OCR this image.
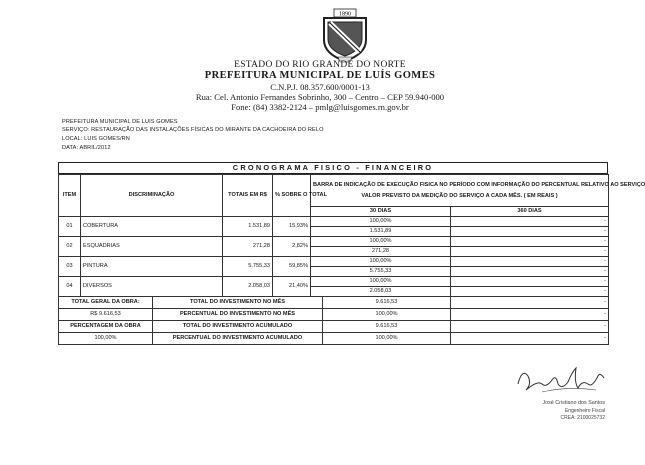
1890
ESTADO DO RIO GRANDE DO NORTE
PREFEITURA MUNICIPAL DE LUÍS GOMES
C.N.P.J. 08.357.600/0001-13
Rua: Cel. Antonio Fernandes Sobrinho, 300 – Centro – CEP 59.940-000
Fone: (84) 3382-2124 – pmlg@luisgomes.rn.gov.br
PREFEITURA MUNICIPAL DE LUIS GOMES
SERVIÇO: RESTAURAÇÃO DAS INSTALAÇÕES FÍSICAS DO MIRANTE DA CACHOEIRA DO RELO
LOCAL: LUIS GOMES/RN
DATA: ABRIL/2012
CRONOGRAMA FISICO - FINANCEIRO
ITEM	DISCRIMINAÇÃO	TOTAIS EM R$	% SOBRE O TOTAL	BARRA DE INDICAÇÃO DE EXECUÇÃO FISICA NO PERÍODO COM INFORMAÇÃO DO PERCENTUAL RELATIVO AO SERVIÇO
VALOR PREVISTO DA MEDIÇÃO DO SERVIÇO A CADA MÊS. ( EM REAIS )	

				30 DIAS	360 DIAS
01	COBERTURA	1.531,89	15,93%	100,00%	-
				1.531,89	-
02	ESQUADRIAS	271,28	2,82%	100,00%	-
				271,28	-
03	PINTURA	5.755,33	59,85%	100,00%	-
				5.755,33	-
04	DIVERSOS	2.058,03	21,40%	100,00%	-
				2.058,03	-
TOTAL GERAL DA OBRA:	TOTAL DO INVESTIMENTO NO MÊS	9.616,53	-
R$ 9.616,53	PERCENTUAL DO INVESTIMENTO NO MÊS	100,00%	-
PERCENTAGEM DA OBRA	TOTAL DO INVESTIMENTO ACUMULADO	9.616,53	-
100,00%	PERCENTUAL DO INVESTIMENTO ACUMULADO	100,00%	-
José Cristiano dos Santos
Engenheiro Fiscal
CREA: 2100025732
